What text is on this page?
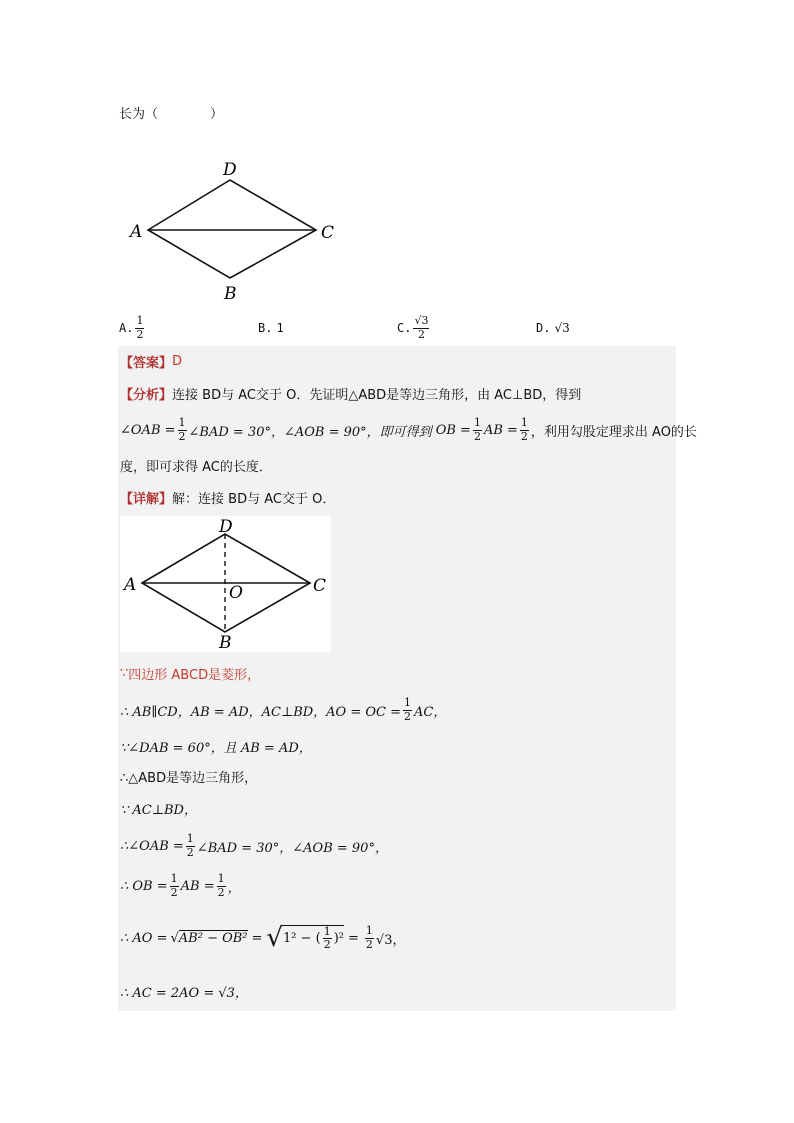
长为（　　　　）
D
A	C
B
A. $\frac{1}{2}$	B. 1	C. $\frac{√3}{2}$	D. √3
【答案】 D
【分析】 连接 BD与 AC交于 O．先证明△ABD是等边三角形，由 AC⊥BD，得到
∠OAB = $\frac{1}{2}$ ∠BAD = 30°，∠AOB = 90°，即可得到 OB = $\frac{1}{2}$ AB = $\frac{1}{2}$ ，利用勾股定理求出 AO的长
度，即可求得 AC的长度．
【详解】 解：连接 BD与 AC交于 O．
D
A	C
O
B
∵ 四边形 ABCD是菱形，
∴ AB∥CD，AB = AD，AC⊥BD，AO = OC = $\frac{1}{2}$ AC，
∵∠DAB = 60°，且 AB = AD，
∴△ABD是等边三角形，
∵ AC⊥BD，
∴∠OAB = $\frac{1}{2}$ ∠BAD = 30°，∠AOB = 90°，
∴ OB = $\frac{1}{2}$ AB = $\frac{1}{2}$ ，
∴ AO = √ AB² − OB² = √ 1² − ( $\frac{1}{2} )^2 = \frac{1}{2} √3$，
∴ AC = 2AO = √3，
